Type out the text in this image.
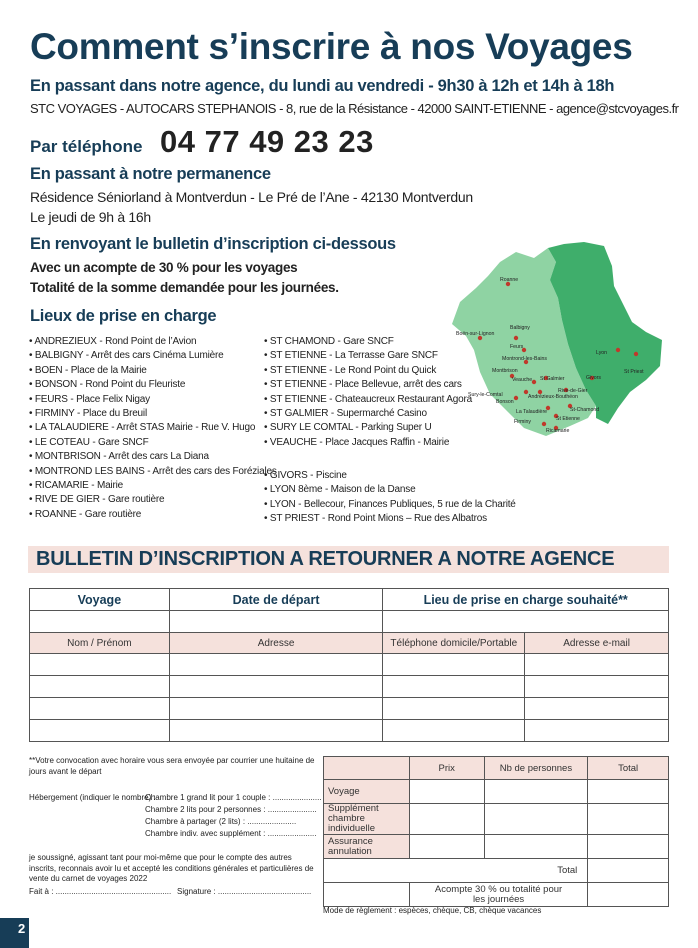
Comment s’inscrire à nos Voyages
En passant dans notre agence, du lundi au vendredi - 9h30 à 12h et 14h à 18h
STC VOYAGES - AUTOCARS STEPHANOIS - 8, rue de la Résistance - 42000 SAINT-ETIENNE - agence@stcvoyages.fr
Par téléphone 04 77 49 23 23
En passant à notre permanence
Résidence Séniorland à Montverdun - Le Pré de l’Ane - 42130 Montverdun
Le jeudi de 9h à 16h
En renvoyant le bulletin d’inscription ci-dessous
Avec un acompte de 30 % pour les voyages
Totalité de la somme demandée pour les journées.
Lieux de prise en charge
• ANDREZIEUX - Rond Point de l’Avion
• BALBIGNY - Arrêt des cars Cinéma Lumière
• BOEN - Place de la Mairie
• BONSON - Rond Point du Fleuriste
• FEURS - Place Felix Nigay
• FIRMINY - Place du Breuil
• LA TALAUDIERE - Arrêt STAS Mairie - Rue V. Hugo
• LE COTEAU - Gare SNCF
• MONTBRISON - Arrêt des cars La Diana
• MONTROND LES BAINS - Arrêt des cars des Foréziales
• RICAMARIE - Mairie
• RIVE DE GIER - Gare routière
• ROANNE - Gare routière
• ST CHAMOND - Gare SNCF
• ST ETIENNE - La Terrasse Gare SNCF
• ST ETIENNE - Le Rond Point du Quick
• ST ETIENNE - Place Bellevue, arrêt des cars
• ST ETIENNE - Chateaucreux Restaurant Agora
• ST GALMIER - Supermarché Casino
• SURY LE COMTAL - Parking Super U
• VEAUCHE - Place Jacques Raffin - Mairie
• GIVORS - Piscine
• LYON 8ème - Maison de la Danse
• LYON - Bellecour, Finances Publiques, 5 rue de la Charité
• ST PRIEST - Rond Point Mions – Rue des Albatros
Roanne
Balbigny
Boën-sur-Lignon
Feurs
Montrond-les-Bains
Montbrison
Veauche St Galmier
Sury-le-Comtal
Bonson
Andrézieux-Bouthéon
Rive-de-Gier
La Talaudière
St Etienne
St-Chamond
Firminy
Ricamarie
Lyon
Givors
St Priest
BULLETIN D’INSCRIPTION A RETOURNER A NOTRE AGENCE
Voyage	Date de départ	Lieu de prise en charge souhaité**	

Nom / Prénom	Adresse	Téléphone domicile/Portable	Adresse e-mail

**Votre convocation avec horaire vous sera envoyée par courrier une huitaine de jours avant le départ
Hébergement (indiquer le nombre) :
Chambre 1 grand lit pour 1 couple : ......................
Chambre 2 lits pour 2 personnes : ......................
Chambre à partager (2 lits) : ......................
Chambre indiv. avec supplément : ......................
je soussigné, agissant tant pour moi-même que pour le compte des autres inscrits, reconnais avoir lu et accepté les conditions générales et particulières de vente du carnet de voyages 2022
Fait à : .................................................... Signature : ..........................................
	Prix	Nb de personnes	Total
Voyage			
Supplément chambre individuelle			
Assurance annulation			
Total			
	Acompte 30 % ou totalité pour les journées		
Mode de règlement : espèces, chèque, CB, chèque vacances
2
